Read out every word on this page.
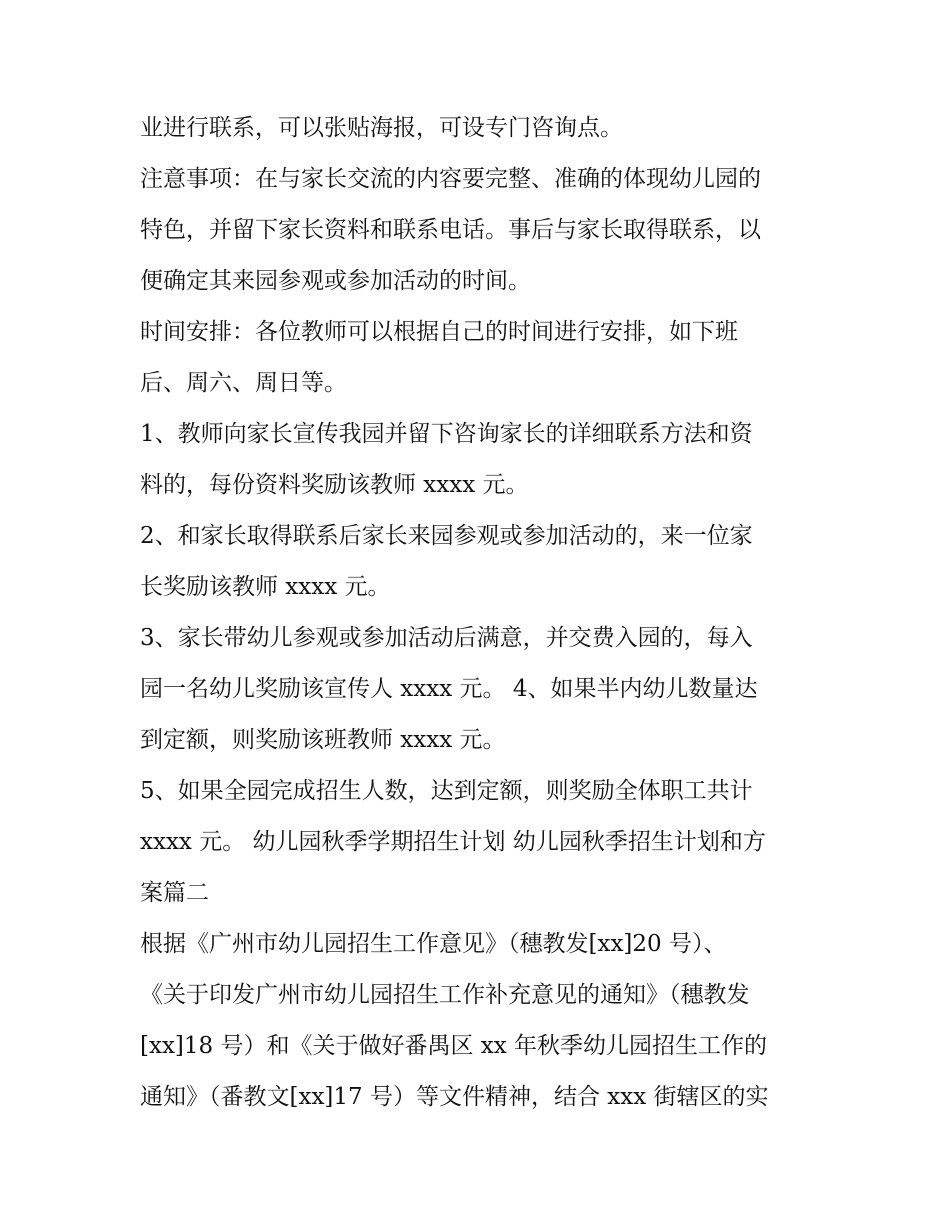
业进行联系，可以张贴海报，可设专门咨询点。
注意事项：在与家长交流的内容要完整、准确的体现幼儿园的
特色，并留下家长资料和联系电话。事后与家长取得联系，以
便确定其来园参观或参加活动的时间。
时间安排：各位教师可以根据自己的时间进行安排，如下班
后、周六、周日等。
1、教师向家长宣传我园并留下咨询家长的详细联系方法和资
料的，每份资料奖励该教师 xxxx 元。
2、和家长取得联系后家长来园参观或参加活动的，来一位家
长奖励该教师 xxxx 元。
3、家长带幼儿参观或参加活动后满意，并交费入园的，每入
园一名幼儿奖励该宣传人 xxxx 元。 4、如果半内幼儿数量达
到定额，则奖励该班教师 xxxx 元。
5、如果全园完成招生人数，达到定额，则奖励全体职工共计
xxxx 元。 幼儿园秋季学期招生计划 幼儿园秋季招生计划和方
案篇二
根据《广州市幼儿园招生工作意见》（穗教发[xx]20 号）、
《关于印发广州市幼儿园招生工作补充意见的通知》（穗教发
[xx]18 号）和《关于做好番禺区 xx 年秋季幼儿园招生工作的
通知》（番教文[xx]17 号）等文件精神，结合 xxx 街辖区的实
